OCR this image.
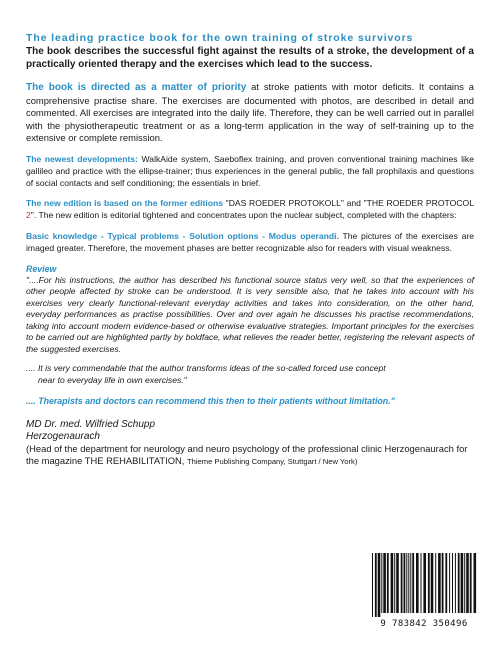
The leading practice book for the own training of stroke survivors

The book describes the successful fight against the results of a stroke, the development of a practically oriented therapy and the exercises which lead to the success.

The book is directed as a matter of priority at stroke patients with motor deficits. It contains a comprehensive practise share. The exercises are documented with photos, are described in detail and commented. All exercises are integrated into the daily life. Therefore, they can be well carried out in parallel with the physiotherapeutic treatment or as a long-term application in the way of self-training up to the extensive or complete remission.

The newest developments: WalkAide system, Saeboflex training, and proven conventional training machines like gallileo and practice with the ellipse-trainer; thus experiences in the general public, the fall prophilaxis and questions of social contacts and self conditioning; the essentials in brief.

The new edition is based on the former editions "DAS ROEDER PROTOKOLL" and "THE ROEDER PROTOCOL 2". The new edition is editorial tightened and concentrates upon the nuclear subject, completed with the chapters:

Basic knowledge - Typical problems - Solution options - Modus operandi. The pictures of the exercises are imaged greater. Therefore, the movement phases are better recognizable also for readers with visual weakness.

Review

"....For his instructions, the author has described his functional source status very well, so that the experiences of other people affected by stroke can be understood. It is very sensible also, that he takes into account with his exercises very clearly functional-relevant everyday activities and takes into consideration, on the other hand, everyday performances as practise possibilities. Over and over again he discusses his practise recommendations, taking into account modern evidence-based or otherwise evaluative strategies. Important principles for the exercises to be carried out are highlighted partly by boldface, what relieves the reader better, registering the relevant aspects of the suggested exercises.

.... It is very commendable that the author transforms ideas of the so-called forced use concept
near to everyday life in own exercises."

.... Therapists and doctors can recommend this then to their patients without limitation."

MD Dr. med. Wilfried Schupp

Herzogenaurach

(Head of the department for neurology and neuro psychology of the professional clinic Herzogenaurach for the magazine THE REHABILITATION, Thieme Publishing Company, Stuttgart / New York)

9 783842 350496
